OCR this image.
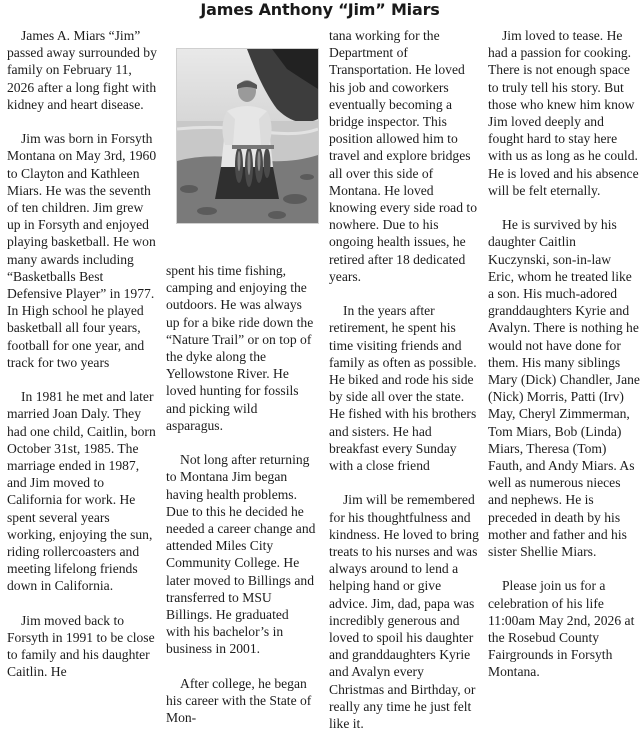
James Anthony “Jim” Miars

James A. Miars “Jim” passed away surrounded by family on February 11, 2026 after a long fight with kidney and heart disease.

Jim was born in Forsyth Montana on May 3rd, 1960 to Clayton and Kathleen Miars. He was the seventh of ten children. Jim grew up in Forsyth and enjoyed playing basketball. He won many awards including “Basketballs Best Defensive Player” in 1977. In High school he played basketball all four years, football for one year, and track for two years

In 1981 he met and later married Joan Daly. They had one child, Caitlin, born October 31st, 1985. The marriage ended in 1987, and Jim moved to California for work. He spent several years working, enjoying the sun, riding rollercoasters and meeting lifelong friends down in California.

Jim moved back to Forsyth in 1991 to be close to family and his daughter Caitlin. He

spent his time fishing, camping and enjoying the outdoors. He was always up for a bike ride down the “Nature Trail” or on top of the dyke along the Yellowstone River. He loved hunting for fossils and picking wild asparagus.

Not long after returning to Montana Jim began having health problems. Due to this he decided he needed a career change and attended Miles City Community College. He later moved to Billings and transferred to MSU Billings. He graduated with his bachelor’s in business in 2001.

After college, he began his career with the State of Mon-

tana working for the Department of Transportation. He loved his job and coworkers eventually becoming a bridge inspector. This position allowed him to travel and explore bridges all over this side of Montana. He loved knowing every side road to nowhere. Due to his ongoing health issues, he retired after 18 dedicated years.

In the years after retirement, he spent his time visiting friends and family as often as possible. He biked and rode his side by side all over the state. He fished with his brothers and sisters. He had breakfast every Sunday with a close friend

Jim will be remembered for his thoughtfulness and kindness. He loved to bring treats to his nurses and was always around to lend a helping hand or give advice. Jim, dad, papa was incredibly generous and loved to spoil his daughter and granddaughters Kyrie and Avalyn every Christmas and Birthday, or really any time he just felt like it.

Jim loved to tease. He had a passion for cooking. There is not enough space to truly tell his story. But those who knew him know Jim loved deeply and fought hard to stay here with us as long as he could. He is loved and his absence will be felt eternally.

He is survived by his daughter Caitlin Kuczynski, son-in-law Eric, whom he treated like a son. His much-adored granddaughters Kyrie and Avalyn. There is nothing he would not have done for them. His many siblings Mary (Dick) Chandler, Jane (Nick) Morris, Patti (Irv) May, Cheryl Zimmerman, Tom Miars, Bob (Linda) Miars, Theresa (Tom) Fauth, and Andy Miars. As well as numerous nieces and nephews. He is preceded in death by his mother and father and his sister Shellie Miars.

Please join us for a celebration of his life 11:00am May 2nd, 2026 at the Rosebud County Fairgrounds in Forsyth Montana.
